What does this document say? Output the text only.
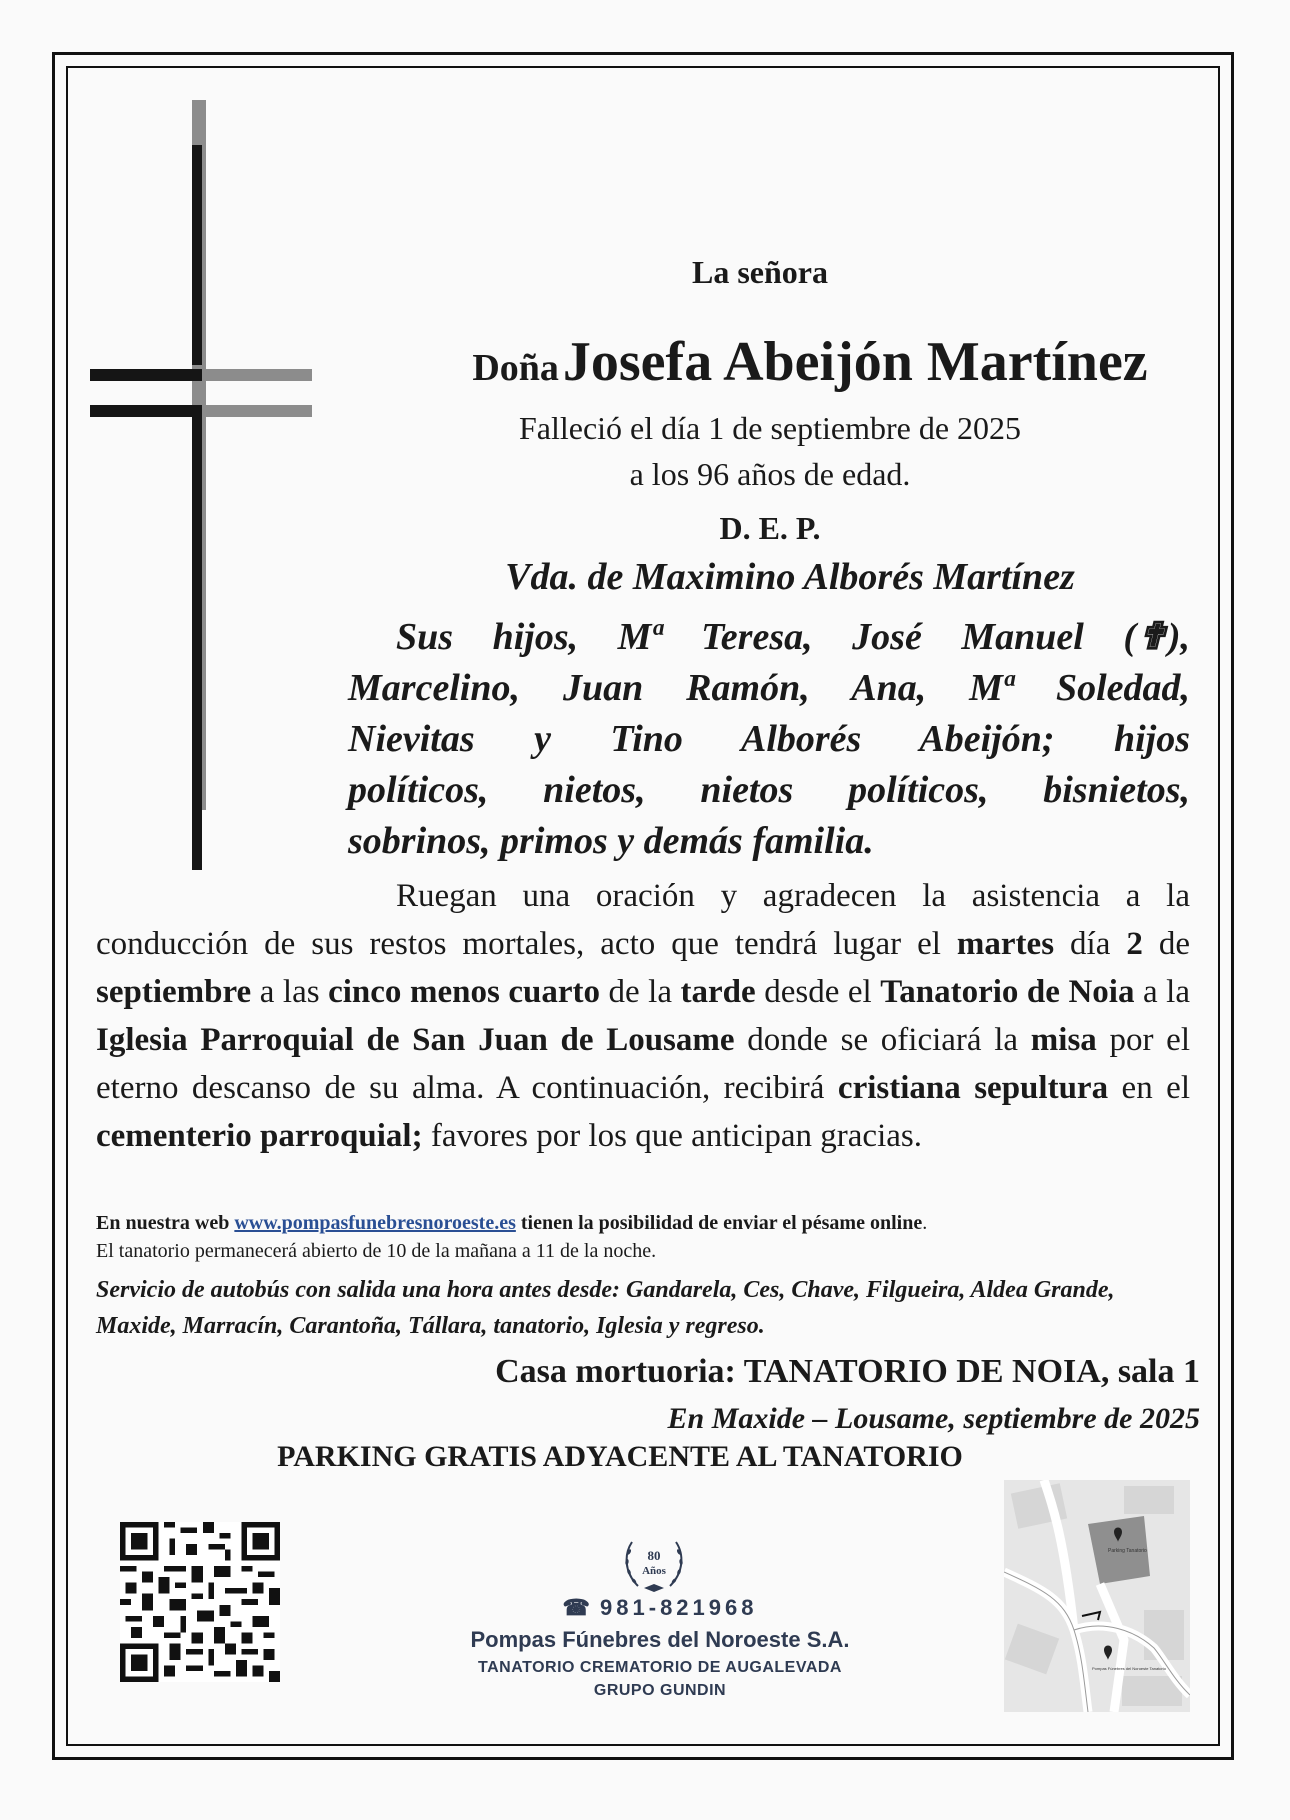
La señora
Doña Josefa Abeijón Martínez
Falleció el día 1 de septiembre de 2025
a los 96 años de edad.
D. E. P.
Vda. de Maximino Alborés Martínez
Sus hijos, Mª Teresa, José Manuel (✟),
Marcelino, Juan Ramón, Ana, Mª Soledad,
Nievitas y Tino Alborés Abeijón; hijos
políticos, nietos, nietos políticos, bisnietos,
sobrinos, primos y demás familia.
Ruegan una oración y agradecen la asistencia a la conducción de sus restos mortales, acto que tendrá lugar el martes día 2 de septiembre a las cinco menos cuarto de la tarde desde el Tanatorio de Noia a la Iglesia Parroquial de San Juan de Lousame donde se oficiará la misa por el eterno descanso de su alma. A continuación, recibirá cristiana sepultura en el cementerio parroquial; favores por los que anticipan gracias.
En nuestra web www.pompasfunebresnoroeste.es tienen la posibilidad de enviar el pésame online.
El tanatorio permanecerá abierto de 10 de la mañana a 11 de la noche.
Servicio de autobús con salida una hora antes desde: Gandarela, Ces, Chave, Filgueira, Aldea Grande, Maxide, Marracín, Carantoña, Tállara, tanatorio, Iglesia y regreso.
Casa mortuoria: TANATORIO DE NOIA, sala 1
En Maxide – Lousame, septiembre de 2025
PARKING GRATIS ADYACENTE AL TANATORIO
80
Años
☎ 981-821968
Pompas Fúnebres del Noroeste S.A.
TANATORIO CREMATORIO DE AUGALEVADA
GRUPO GUNDIN
Parking Tanatorio
Pompas Fúnebres del Noroeste Tanatorio
